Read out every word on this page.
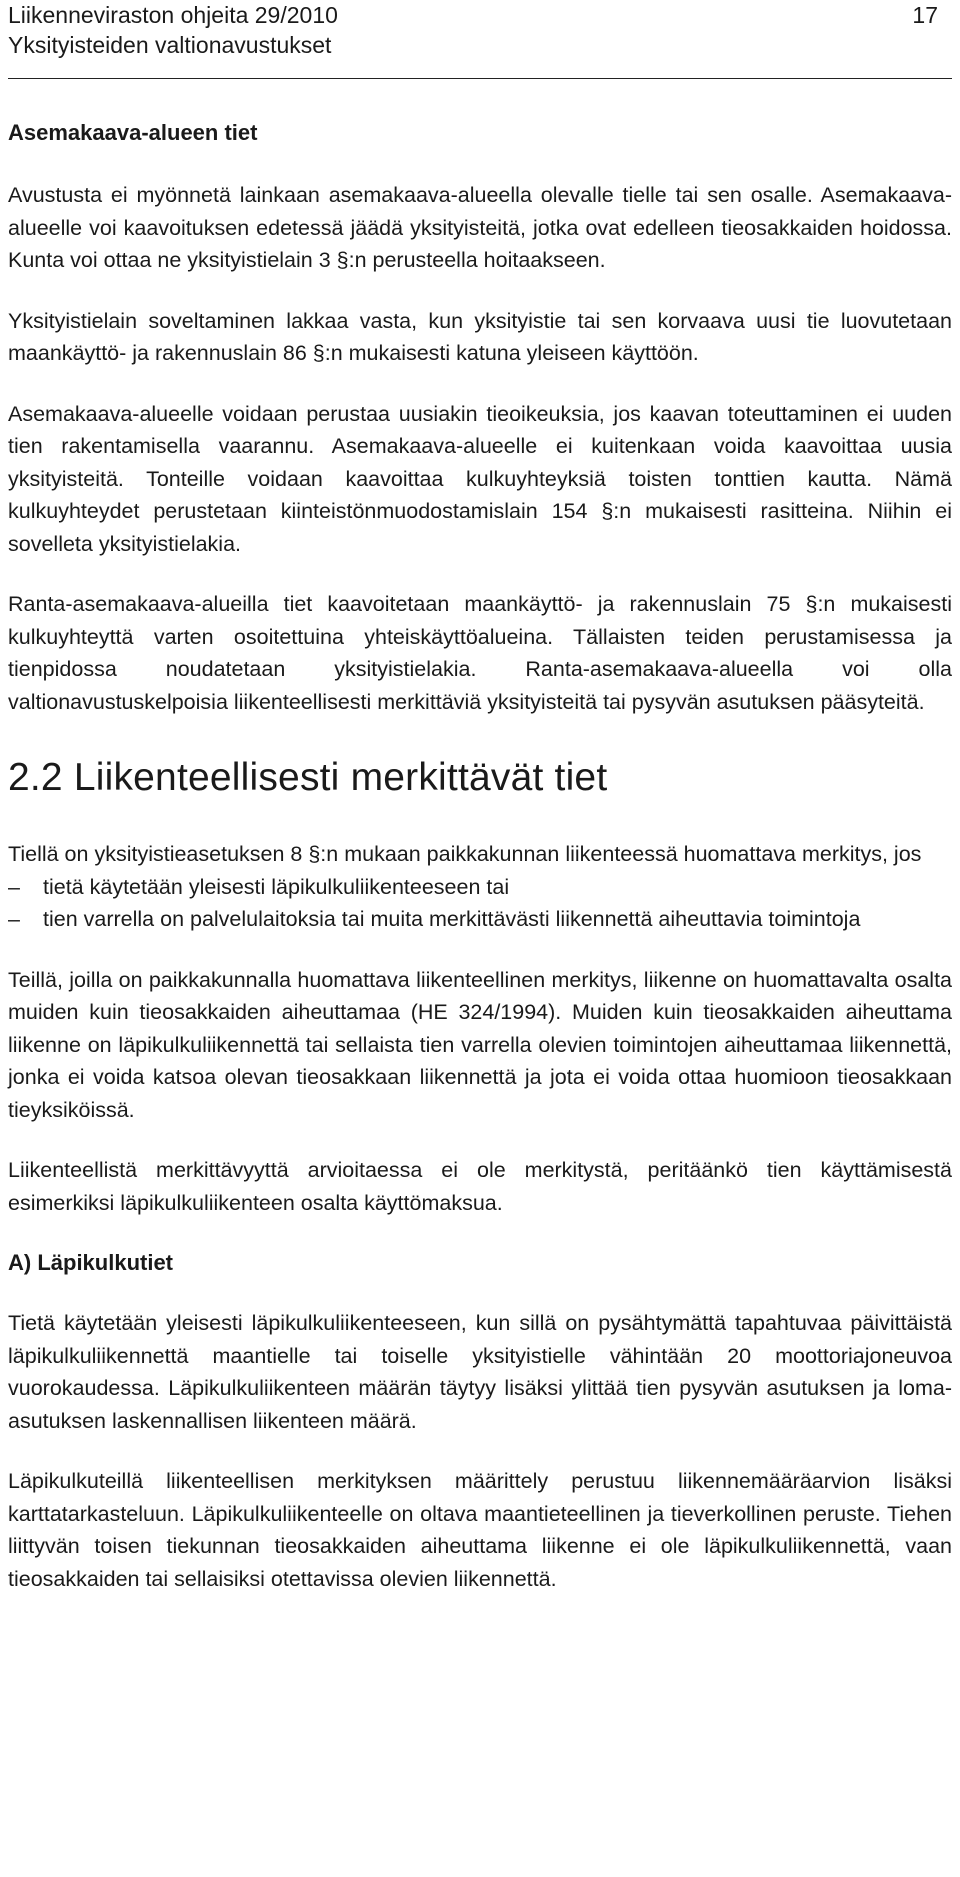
Liikenneviraston ohjeita 29/2010
Yksityisteiden valtionavustukset
17
Asemakaava-alueen tiet

Avustusta ei myönnetä lainkaan asemakaava-alueella olevalle tielle tai sen osalle. Asemakaava-alueelle voi kaavoituksen edetessä jäädä yksityisteitä, jotka ovat edelleen tieosakkaiden hoidossa. Kunta voi ottaa ne yksityistielain 3 §:n perusteella hoitaakseen.

Yksityistielain soveltaminen lakkaa vasta, kun yksityistie tai sen korvaava uusi tie luovutetaan maankäyttö- ja rakennuslain 86 §:n mukaisesti katuna yleiseen käyttöön.

Asemakaava-alueelle voidaan perustaa uusiakin tieoikeuksia, jos kaavan toteuttaminen ei uuden tien rakentamisella vaarannu. Asemakaava-alueelle ei kuitenkaan voida kaavoittaa uusia yksityisteitä. Tonteille voidaan kaavoittaa kulkuyhteyksiä toisten tonttien kautta. Nämä kulkuyhteydet perustetaan kiinteistönmuodostamislain 154 §:n mukaisesti rasitteina. Niihin ei sovelleta yksityistielakia.

Ranta-asemakaava-alueilla tiet kaavoitetaan maankäyttö- ja rakennuslain 75 §:n mukaisesti kulkuyhteyttä varten osoitettuina yhteiskäyttöalueina. Tällaisten teiden perustamisessa ja tienpidossa noudatetaan yksityistielakia. Ranta-asemakaava-alueella voi olla valtionavustuskelpoisia liikenteellisesti merkittäviä yksityisteitä tai pysyvän asutuksen pääsyteitä.

2.2 Liikenteellisesti merkittävät tiet

Tiellä on yksityistieasetuksen 8 §:n mukaan paikkakunnan liikenteessä huomattava merkitys, jos

– tietä käytetään yleisesti läpikulkuliikenteeseen tai
– tien varrella on palvelulaitoksia tai muita merkittävästi liikennettä aiheuttavia toimintoja

Teillä, joilla on paikkakunnalla huomattava liikenteellinen merkitys, liikenne on huomattavalta osalta muiden kuin tieosakkaiden aiheuttamaa (HE 324/1994). Muiden kuin tieosakkaiden aiheuttama liikenne on läpikulkuliikennettä tai sellaista tien varrella olevien toimintojen aiheuttamaa liikennettä, jonka ei voida katsoa olevan tieosakkaan liikennettä ja jota ei voida ottaa huomioon tieosakkaan tieyksiköissä.

Liikenteellistä merkittävyyttä arvioitaessa ei ole merkitystä, peritäänkö tien käyttämisestä esimerkiksi läpikulkuliikenteen osalta käyttömaksua.

A) Läpikulkutiet

Tietä käytetään yleisesti läpikulkuliikenteeseen, kun sillä on pysähtymättä tapahtuvaa päivittäistä läpikulkuliikennettä maantielle tai toiselle yksityistielle vähintään 20 moottoriajoneuvoa vuorokaudessa. Läpikulkuliikenteen määrän täytyy lisäksi ylittää tien pysyvän asutuksen ja loma-asutuksen laskennallisen liikenteen määrä.

Läpikulkuteillä liikenteellisen merkityksen määrittely perustuu liikennemääräarvion lisäksi karttatarkasteluun. Läpikulkuliikenteelle on oltava maantieteellinen ja tieverkollinen peruste. Tiehen liittyvän toisen tiekunnan tieosakkaiden aiheuttama liikenne ei ole läpikulkuliikennettä, vaan tieosakkaiden tai sellaisiksi otettavissa olevien liikennettä.
